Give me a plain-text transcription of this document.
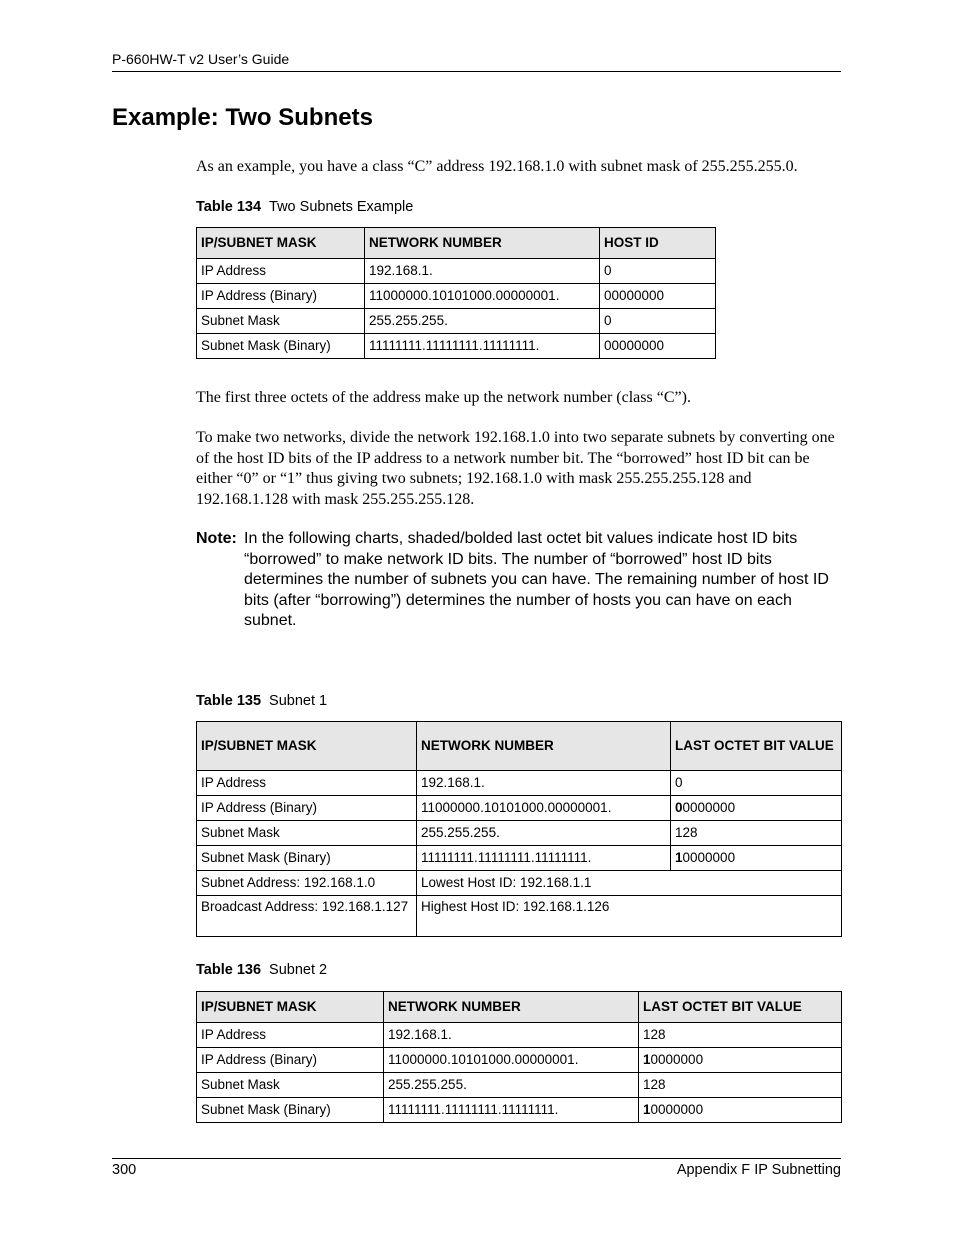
P-660HW-T v2 User’s Guide
Example: Two Subnets
As an example, you have a class “C” address 192.168.1.0 with subnet mask of 255.255.255.0.
Table 134 Two Subnets Example
IP/SUBNET MASK	NETWORK NUMBER	HOST ID
IP Address	192.168.1.	0
IP Address (Binary)	11000000.10101000.00000001.	00000000
Subnet Mask	255.255.255.	0
Subnet Mask (Binary)	11111111.11111111.11111111.	00000000
The first three octets of the address make up the network number (class “C”).
To make two networks, divide the network 192.168.1.0 into two separate subnets by converting one of the host ID bits of the IP address to a network number bit. The “borrowed” host ID bit can be either “0” or “1” thus giving two subnets; 192.168.1.0 with mask 255.255.255.128 and 192.168.1.128 with mask 255.255.255.128.
Note: In the following charts, shaded/bolded last octet bit values indicate host ID bits “borrowed” to make network ID bits. The number of “borrowed” host ID bits determines the number of subnets you can have. The remaining number of host ID bits (after “borrowing”) determines the number of hosts you can have on each subnet.
Table 135 Subnet 1
IP/SUBNET MASK	NETWORK NUMBER	LAST OCTET BIT VALUE
IP Address	192.168.1.	0
IP Address (Binary)	11000000.10101000.00000001.	00000000
Subnet Mask	255.255.255.	128
Subnet Mask (Binary)	11111111.11111111.11111111.	10000000
Subnet Address: 192.168.1.0	Lowest Host ID: 192.168.1.1	
Broadcast Address: 192.168.1.127	Highest Host ID: 192.168.1.126	
Table 136 Subnet 2
IP/SUBNET MASK	NETWORK NUMBER	LAST OCTET BIT VALUE
IP Address	192.168.1.	128
IP Address (Binary)	11000000.10101000.00000001.	10000000
Subnet Mask	255.255.255.	128
Subnet Mask (Binary)	11111111.11111111.11111111.	10000000
300	Appendix F IP Subnetting
